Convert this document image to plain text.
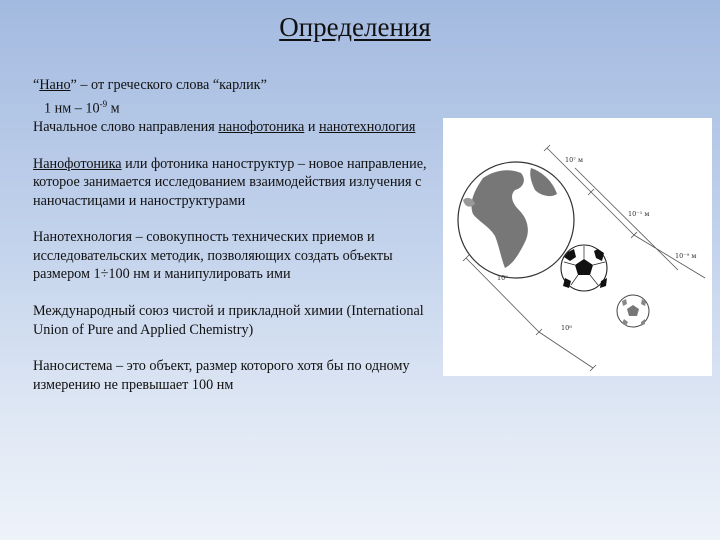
Определения

“Нано” – от греческого слова “карлик”

1 нм – $10^{-9}$ м

Начальное слово направления нанофотоника и нанотехнология

Нанофотоника или фотоника наноструктур – новое направление, которое занимается исследованием взаимодействия излучения с наночастицами и наноструктурами

Нанотехнология – совокупность технических приемов и исследовательских методик, позволяющих создать объекты размером 1÷100 нм и манипулировать ими

Международный союз чистой и прикладной химии (International Union of Pure and Applied Chemistry)

Наносистема – это объект, размер которого хотя бы по одному измерению не превышает 100 нм

10⁷ м
10⁻¹ м
10⁻⁹ м
10⁸
10⁸
